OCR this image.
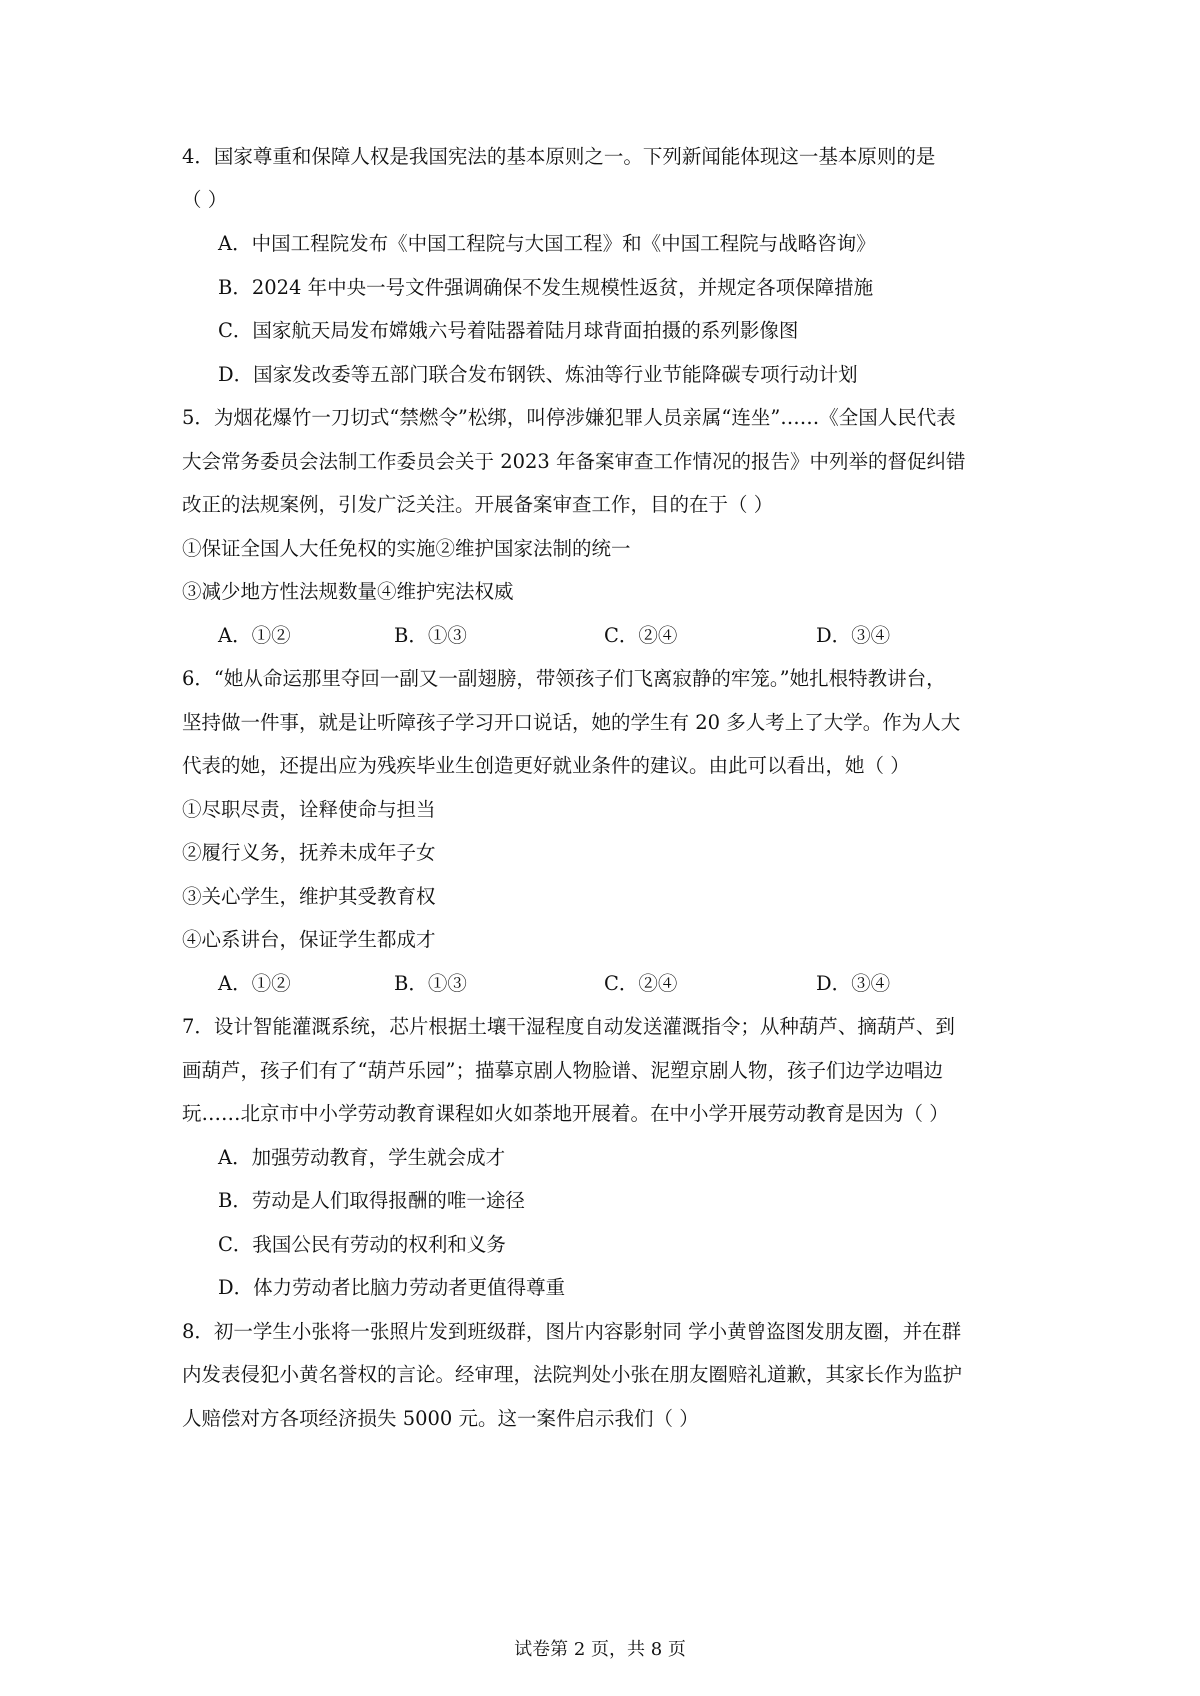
4．国家尊重和保障人权是我国宪法的基本原则之一。下列新闻能体现这一基本原则的是

（ ）

A．中国工程院发布《中国工程院与大国工程》和《中国工程院与战略咨询》

B．2024 年中央一号文件强调确保不发生规模性返贫，并规定各项保障措施

C．国家航天局发布嫦娥六号着陆器着陆月球背面拍摄的系列影像图

D．国家发改委等五部门联合发布钢铁、炼油等行业节能降碳专项行动计划

5．为烟花爆竹一刀切式“禁燃令”松绑，叫停涉嫌犯罪人员亲属“连坐”……《全国人民代表

大会常务委员会法制工作委员会关于 2023 年备案审查工作情况的报告》中列举的督促纠错

改正的法规案例，引发广泛关注。开展备案审查工作，目的在于（ ）

①保证全国人大任免权的实施②维护国家法制的统一

③减少地方性法规数量④维护宪法权威

A．①②	B．①③	C．②④	D．③④

6．“她从命运那里夺回一副又一副翅膀，带领孩子们飞离寂静的牢笼。”她扎根特教讲台，

坚持做一件事，就是让听障孩子学习开口说话，她的学生有 20 多人考上了大学。作为人大

代表的她，还提出应为残疾毕业生创造更好就业条件的建议。由此可以看出，她（ ）

①尽职尽责，诠释使命与担当

②履行义务，抚养未成年子女

③关心学生，维护其受教育权

④心系讲台，保证学生都成才

A．①②	B．①③	C．②④	D．③④

7．设计智能灌溉系统，芯片根据土壤干湿程度自动发送灌溉指令；从种葫芦、摘葫芦、到

画葫芦，孩子们有了“葫芦乐园”；描摹京剧人物脸谱、泥塑京剧人物，孩子们边学边唱边

玩……北京市中小学劳动教育课程如火如荼地开展着。在中小学开展劳动教育是因为（ ）

A．加强劳动教育，学生就会成才

B．劳动是人们取得报酬的唯一途径

C．我国公民有劳动的权利和义务

D．体力劳动者比脑力劳动者更值得尊重

8．初一学生小张将一张照片发到班级群，图片内容影射同 学小黄曾盗图发朋友圈，并在群

内发表侵犯小黄名誉权的言论。经审理，法院判处小张在朋友圈赔礼道歉，其家长作为监护

人赔偿对方各项经济损失 5000 元。这一案件启示我们（ ）

试卷第 2 页，共 8 页
